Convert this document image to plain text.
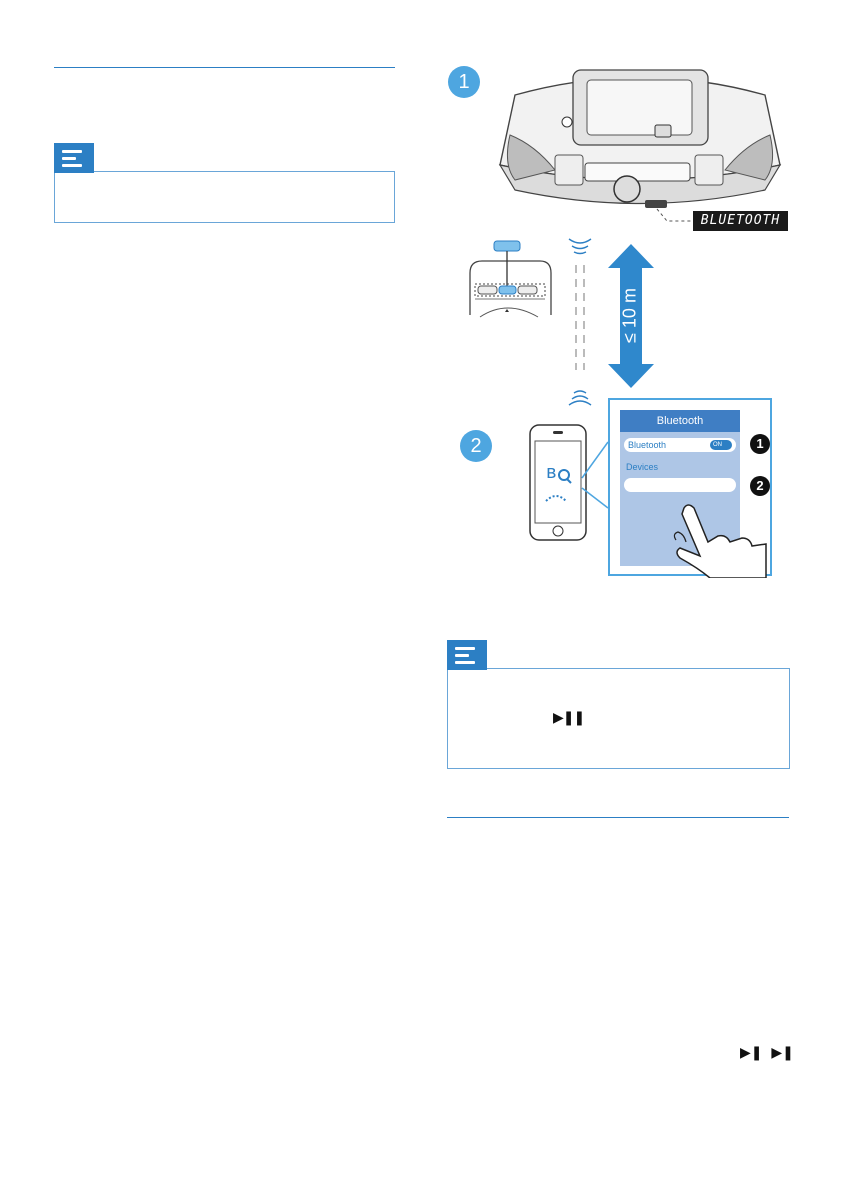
1
BLUETOOTH
≤ 10 m
2
ʙ
Bluetooth
Bluetooth	ON
Devices
1
2
▶❚❚
▶❚  ▶❚
